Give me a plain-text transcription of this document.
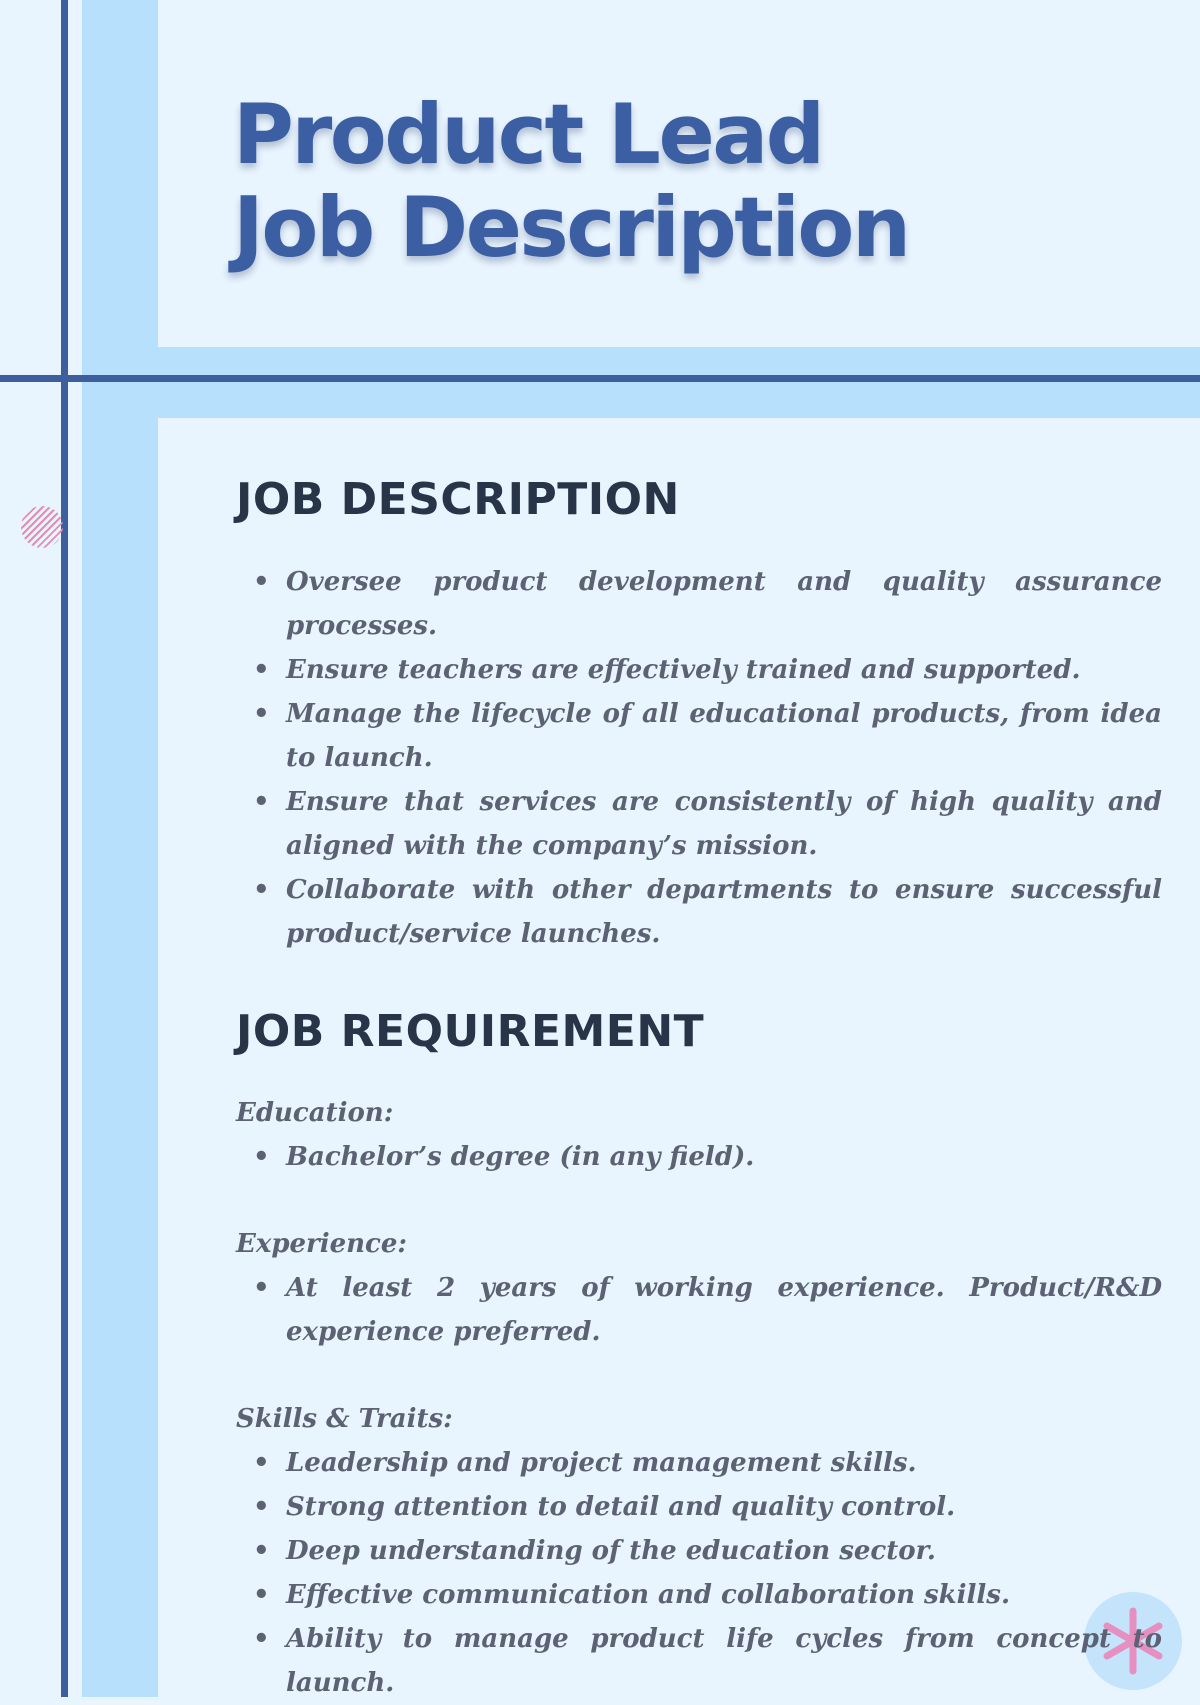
Product Lead
Job Description
JOB DESCRIPTION
• Oversee product development and quality assurance processes.
• Ensure teachers are effectively trained and supported.
• Manage the lifecycle of all educational products, from idea to launch.
• Ensure that services are consistently of high quality and aligned with the company’s mission.
• Collaborate with other departments to ensure successful product/service launches.
JOB REQUIREMENT
Education:
• Bachelor’s degree (in any field).
Experience:
• At least 2 years of working experience. Product/R&D experience preferred.
Skills & Traits:
• Leadership and project management skills.
• Strong attention to detail and quality control.
• Deep understanding of the education sector.
• Effective communication and collaboration skills.
• Ability to manage product life cycles from concept to launch.
